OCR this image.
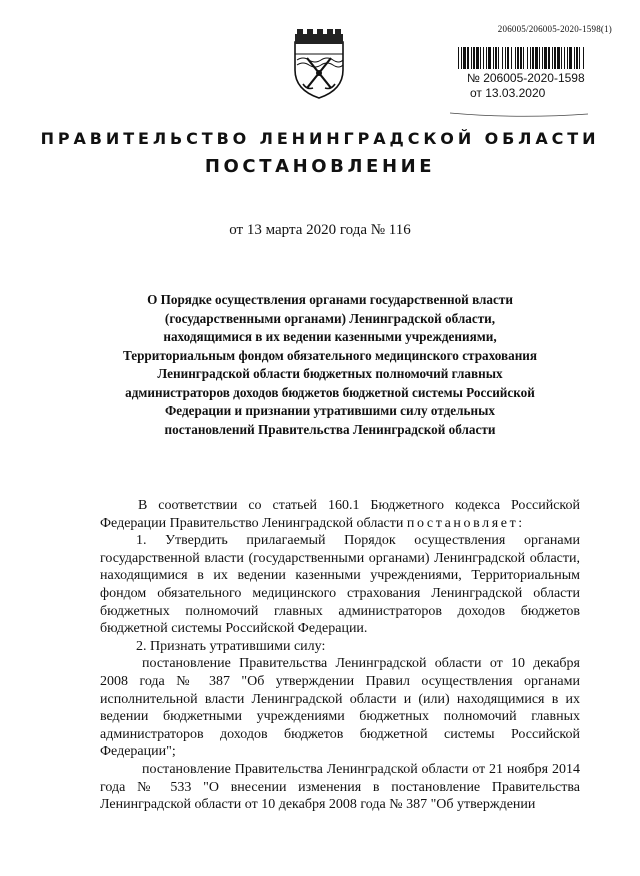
206005/206005-2020-1598(1)
№ 206005-2020-1598
от 13.03.2020
ПРАВИТЕЛЬСТВО ЛЕНИНГРАДСКОЙ ОБЛАСТИ
ПОСТАНОВЛЕНИЕ
от 13 марта 2020 года № 116
О Порядке осуществления органами государственной власти (государственными органами) Ленинградской области, находящимися в их ведении казенными учреждениями, Территориальным фондом обязательного медицинского страхования Ленинградской области бюджетных полномочий главных администраторов доходов бюджетов бюджетной системы Российской Федерации и признании утратившими силу отдельных постановлений Правительства Ленинградской области

В соответствии со статьей 160.1 Бюджетного кодекса Российской Федерации Правительство Ленинградской области постановляет:

1. Утвердить прилагаемый Порядок осуществления органами государственной власти (государственными органами) Ленинградской области, находящимися в их ведении казенными учреждениями, Территориальным фондом обязательного медицинского страхования Ленинградской области бюджетных полномочий главных администраторов доходов бюджетов бюджетной системы Российской Федерации.

2. Признать утратившими силу:

постановление Правительства Ленинградской области от 10 декабря 2008 года № 387 "Об утверждении Правил осуществления органами исполнительной власти Ленинградской области и (или) находящимися в их ведении бюджетными учреждениями бюджетных полномочий главных администраторов доходов бюджетов бюджетной системы Российской Федерации";

постановление Правительства Ленинградской области от 21 ноября 2014 года № 533 "О внесении изменения в постановление Правительства Ленинградской области от 10 декабря 2008 года № 387 "Об утверждении
